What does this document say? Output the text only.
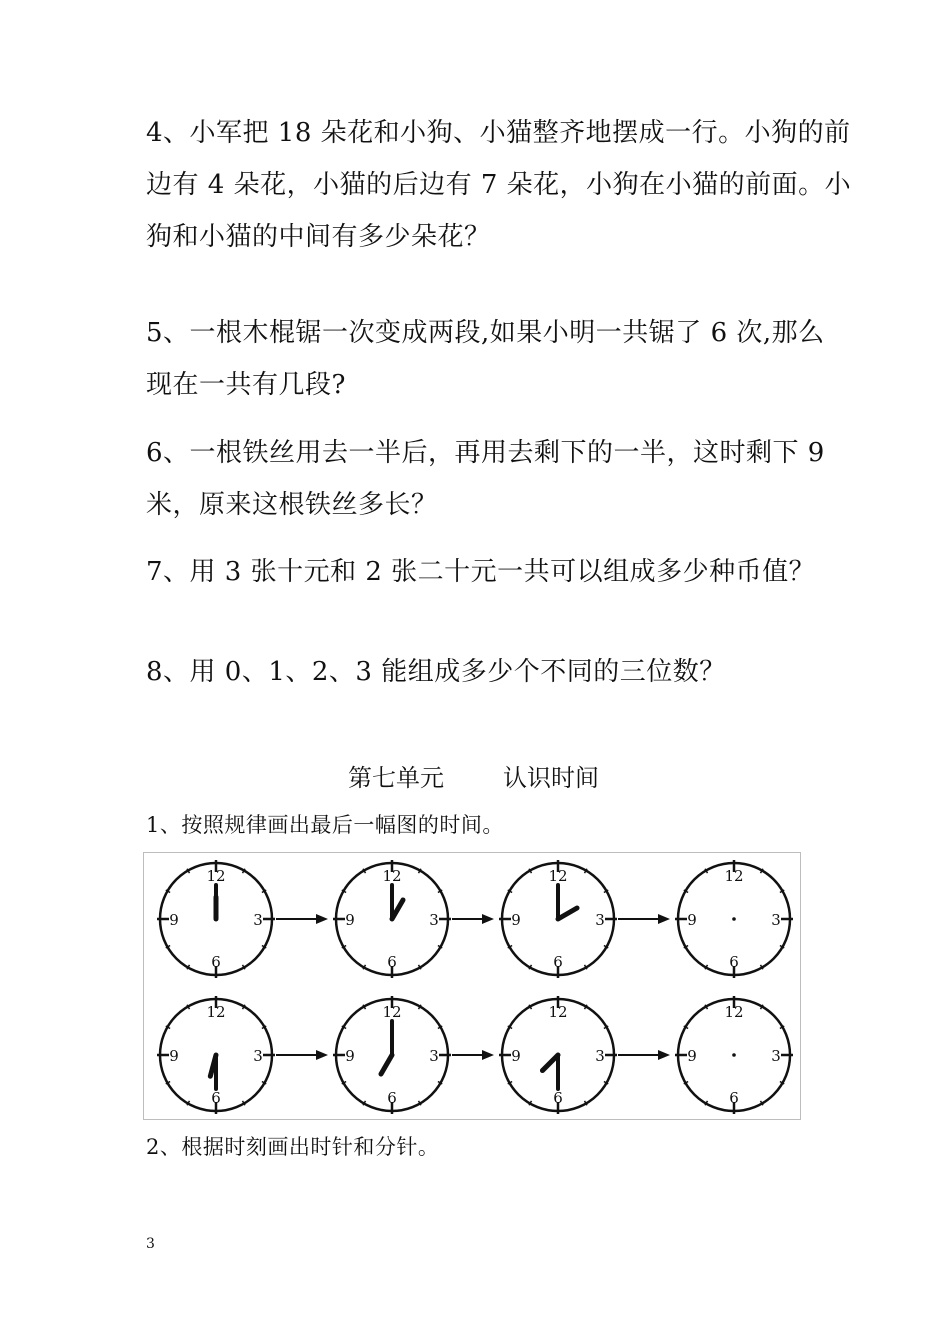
4、小军把 18 朵花和小狗、小猫整齐地摆成一行。小狗的前
边有 4 朵花，小猫的后边有 7 朵花，小狗在小猫的前面。小
狗和小猫的中间有多少朵花？
5、一根木棍锯一次变成两段,如果小明一共锯了 6 次,那么
现在一共有几段?
6、一根铁丝用去一半后，再用去剩下的一半，这时剩下 9
米，原来这根铁丝多长？
7、用 3 张十元和 2 张二十元一共可以组成多少种币值？
8、用 0、1、2、3 能组成多少个不同的三位数？
第七单元 认识时间
1、按照规律画出最后一幅图的时间。
12
3
6
9
12
3
6
9
12
3
6
9
12
3
6
9
12
3
6
9
12
3
6
9
12
3
6
9
12
3
6
9
2、根据时刻画出时针和分针。
3
